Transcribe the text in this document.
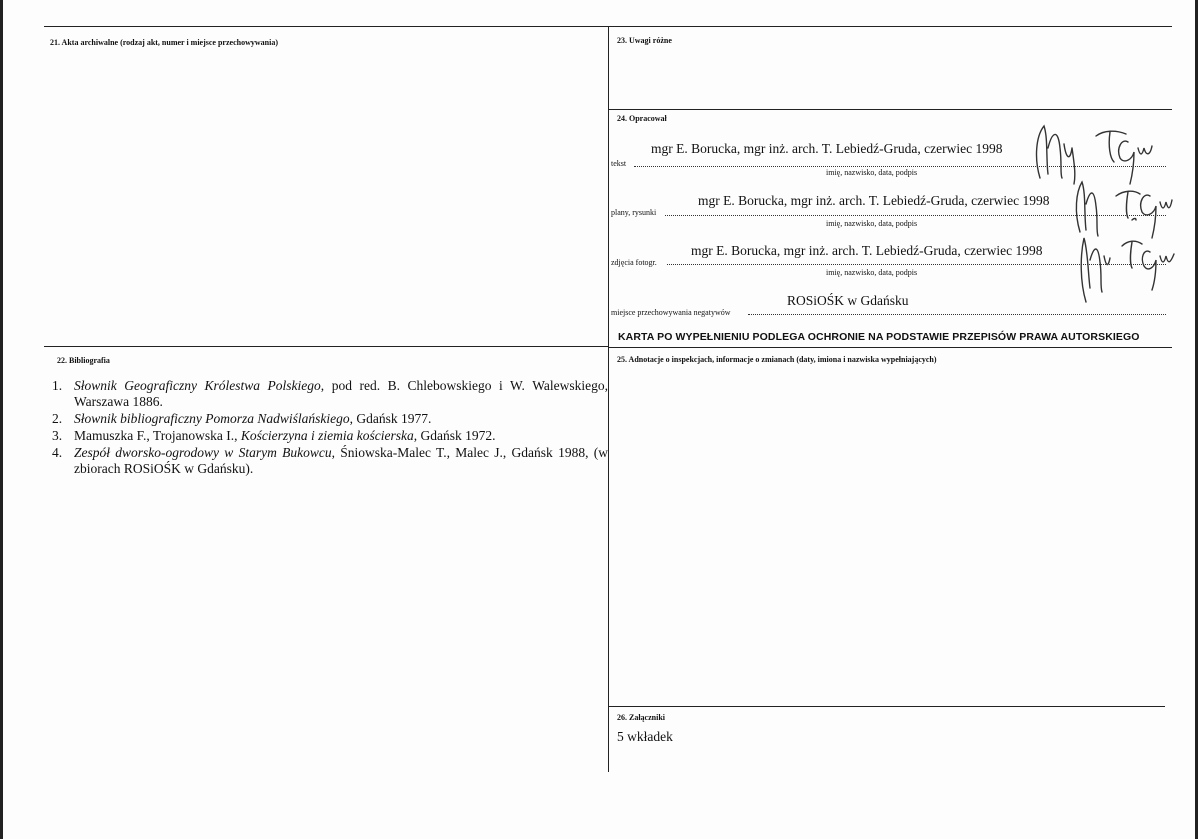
21. Akta archiwalne (rodzaj akt, numer i miejsce przechowywania)	23. Uwagi różne
24. Opracował
mgr E. Borucka, mgr inż. arch. T. Lebiedź-Gruda, czerwiec 1998
tekst
imię, nazwisko, data, podpis
mgr E. Borucka, mgr inż. arch. T. Lebiedź-Gruda, czerwiec 1998
plany, rysunki
imię, nazwisko, data, podpis
mgr E. Borucka, mgr inż. arch. T. Lebiedź-Gruda, czerwiec 1998
zdjęcia fotogr.
imię, nazwisko, data, podpis
ROSiOŚK w Gdańsku
miejsce przechowywania negatywów
KARTA PO WYPEŁNIENIU PODLEGA OCHRONIE NA PODSTAWIE PRZEPISÓW PRAWA AUTORSKIEGO
22. Bibliografia
1. Słownik Geograficzny Królestwa Polskiego, pod red. B. Chlebowskiego i W. Walewskiego, Warszawa 1886.
2. Słownik bibliograficzny Pomorza Nadwiślańskiego, Gdańsk 1977.
3. Mamuszka F., Trojanowska I., Kościerzyna i ziemia kościerska, Gdańsk 1972.
4. Zespół dworsko-ogrodowy w Starym Bukowcu, Śniowska-Malec T., Malec J., Gdańsk 1988, (w zbiorach ROSiOŚK w Gdańsku).
25. Adnotacje o inspekcjach, informacje o zmianach (daty, imiona i nazwiska wypełniających)
26. Załączniki
5 wkładek
